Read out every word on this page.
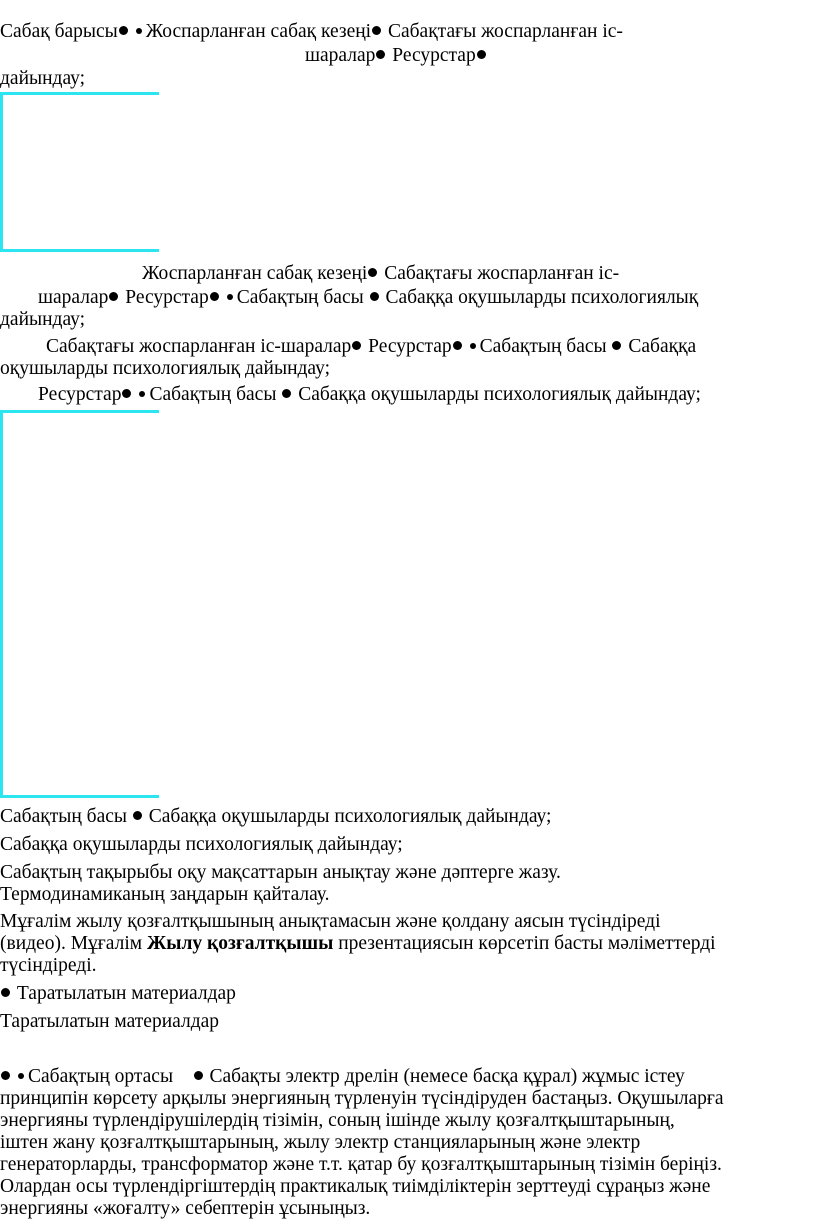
Сабақ барысы Жоспарланған сабақ кезеңі Сабақтағы жоспарланған іс-
шаралар Ресурстар
дайындау;
Жоспарланған сабақ кезеңі Сабақтағы жоспарланған іс-
шаралар Ресурстар Сабақтың басы Сабаққа оқушыларды психологиялық
дайындау;
Сабақтағы жоспарланған іс-шаралар Ресурстар Сабақтың басы Сабаққа
оқушыларды психологиялық дайындау;
Ресурстар Сабақтың басы Сабаққа оқушыларды психологиялық дайындау;
Сабақтың басы Сабаққа оқушыларды психологиялық дайындау;
Сабаққа оқушыларды психологиялық дайындау;
Сабақтың тақырыбы оқу мақсаттарын анықтау және дәптерге жазу.
Термодинамиканың заңдарын қайталау.
Мұғалім жылу қозғалтқышының анықтамасын және қолдану аясын түсіндіреді
(видео). Мұғалім Жылу қозғалтқышы презентациясын көрсетіп басты мәліметтерді
түсіндіреді.
Таратылатын материалдар
Таратылатын материалдар
Сабақтың ортасы Сабақты электр дрелін (немесе басқа құрал) жұмыс істеу
принципін көрсету арқылы энергияның түрленуін түсіндіруден бастаңыз. Оқушыларға
энергияны түрлендірушілердің тізімін, соның ішінде жылу қозғалтқыштарының,
іштен жану қозғалтқыштарының, жылу электр станцияларының және электр
генераторларды, трансформатор және т.т. қатар бу қозғалтқыштарының тізімін беріңіз.
Олардан осы түрлендіргіштердің практикалық тиімділіктерін зерттеуді сұраңыз және
энергияны «жоғалту» себептерін ұсыныңыз.
